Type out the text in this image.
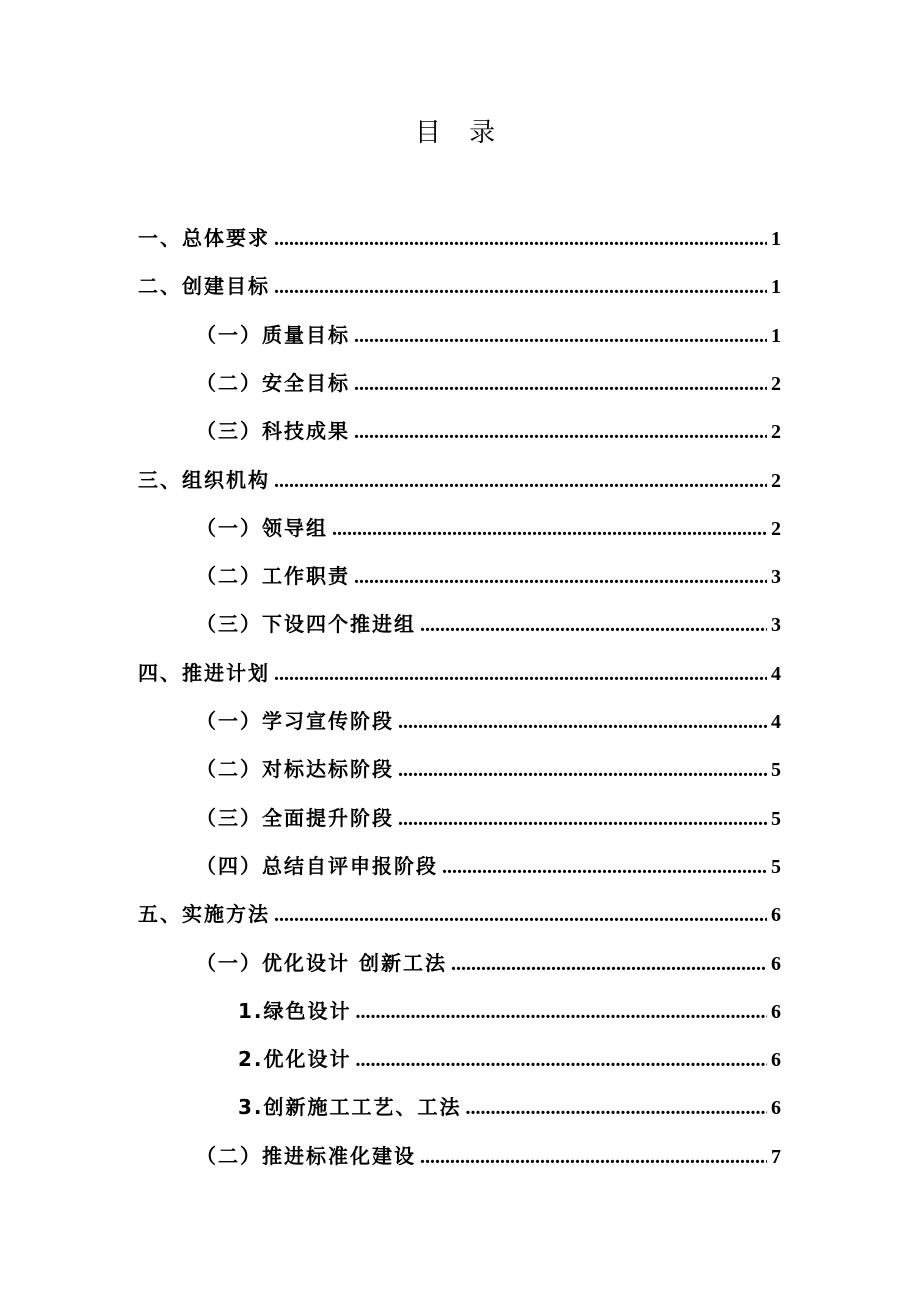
目 录
一、总体要求 .....	1
二、创建目标 .....	1
（一）质量目标 .....	1
（二）安全目标 .....	2
（三）科技成果 .....	2
三、组织机构 .....	2
（一）领导组 .....	2
（二）工作职责 .....	3
（三）下设四个推进组 .....	3
四、推进计划 .....	4
（一）学习宣传阶段 .....	4
（二）对标达标阶段 .....	5
（三）全面提升阶段 .....	5
（四）总结自评申报阶段 .....	5
五、实施方法 .....	6
（一）优化设计 创新工法 .....	6
1.绿色设计 .....	6
2.优化设计 .....	6
3.创新施工工艺、工法 .....	6
（二）推进标准化建设 .....	7
